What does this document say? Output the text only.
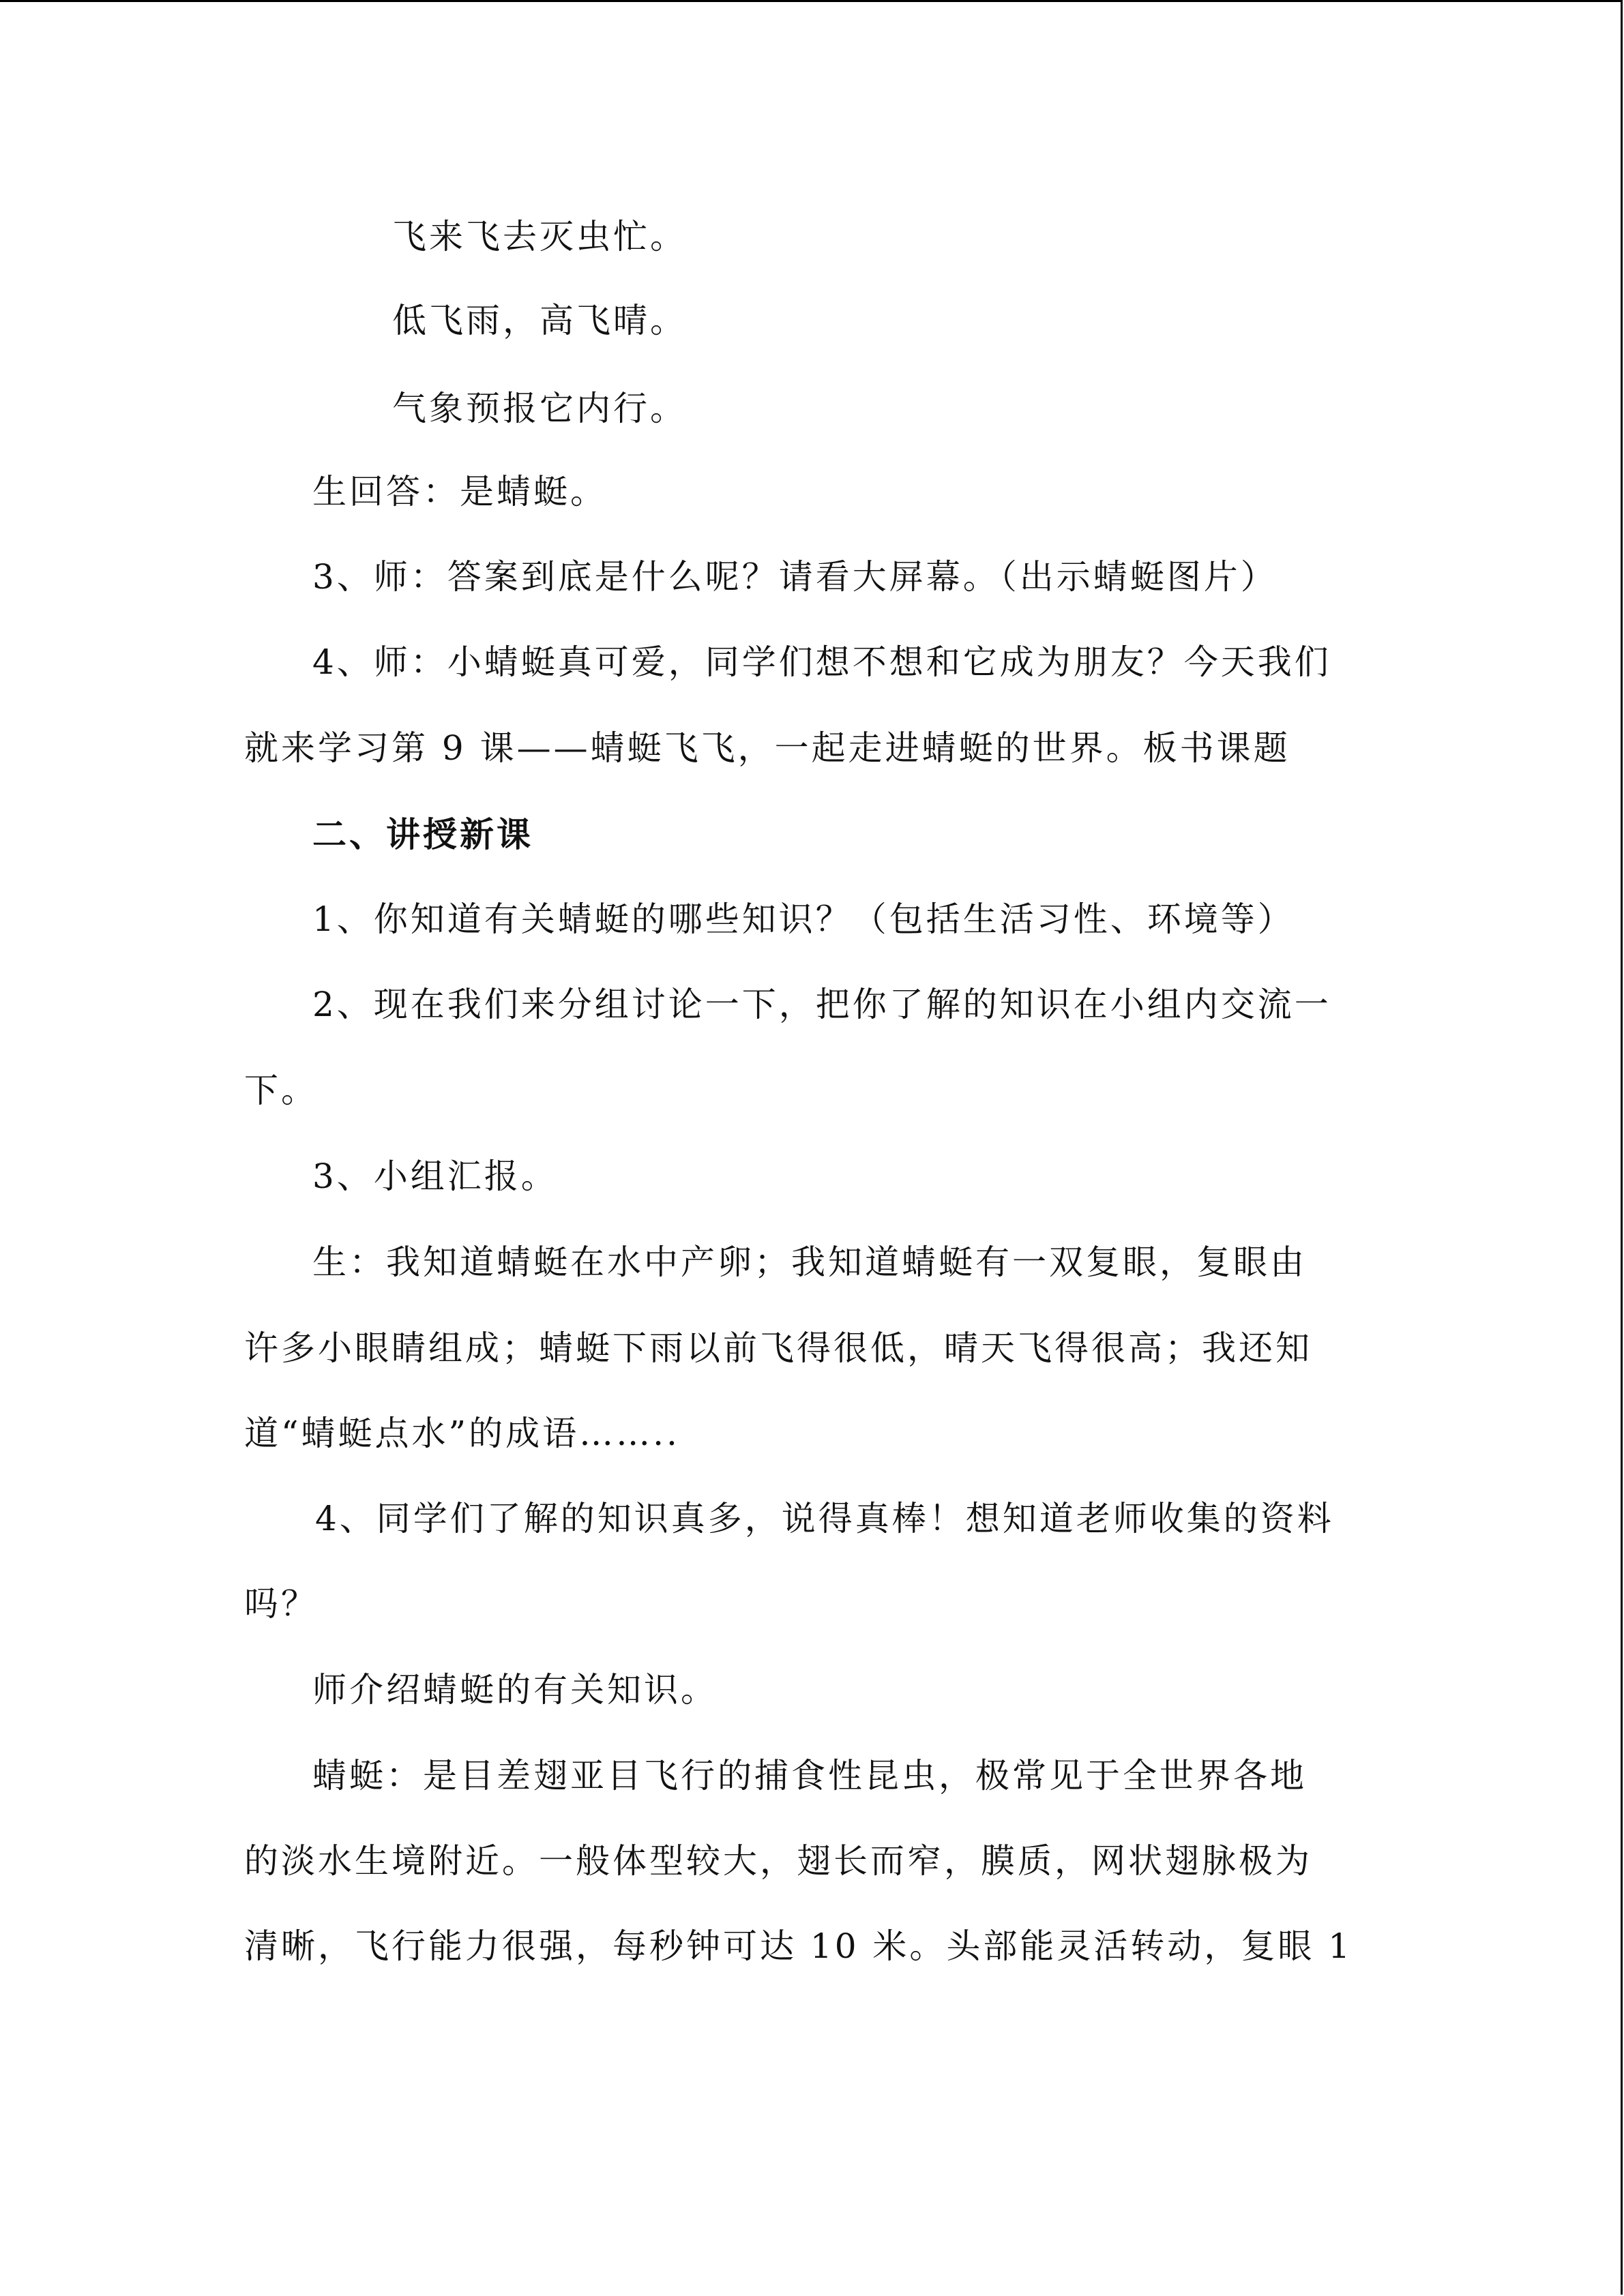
飞来飞去灭虫忙。
低飞雨，高飞晴。
气象预报它内行。
生回答：是蜻蜓。
3、师：答案到底是什么呢？请看大屏幕。（出示蜻蜓图片）
4、师：小蜻蜓真可爱，同学们想不想和它成为朋友？今天我们
就来学习第 9 课——蜻蜓飞飞，一起走进蜻蜓的世界。板书课题
二、讲授新课
1、你知道有关蜻蜓的哪些知识？（包括生活习性、环境等）
2、现在我们来分组讨论一下，把你了解的知识在小组内交流一
下。
3、小组汇报。
生：我知道蜻蜓在水中产卵；我知道蜻蜓有一双复眼，复眼由
许多小眼睛组成；蜻蜓下雨以前飞得很低，晴天飞得很高；我还知
道“蜻蜓点水”的成语……..
4、同学们了解的知识真多，说得真棒！想知道老师收集的资料
吗？
师介绍蜻蜓的有关知识。
蜻蜓：是目差翅亚目飞行的捕食性昆虫，极常见于全世界各地
的淡水生境附近。一般体型较大，翅长而窄，膜质，网状翅脉极为
清晰，飞行能力很强，每秒钟可达 10 米。头部能灵活转动，复眼 1
